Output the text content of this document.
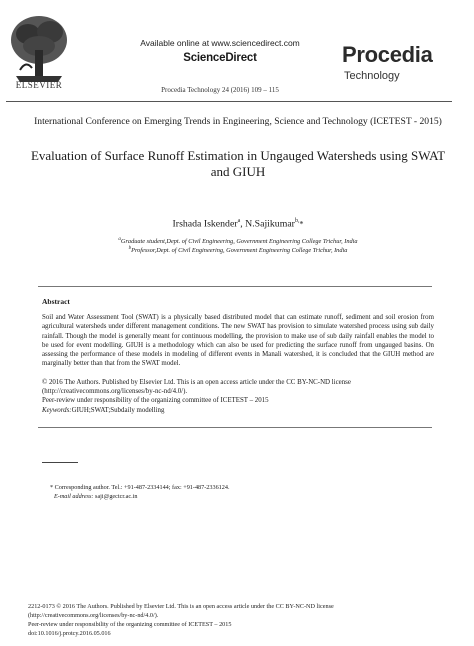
ELSEVIER
Available online at www.sciencedirect.com
ScienceDirect
Procedia Technology 24 (2016) 109 – 115
Procedia
Technology
International Conference on Emerging Trends in Engineering, Science and Technology (ICETEST - 2015)
Evaluation of Surface Runoff Estimation in Ungauged Watersheds using SWAT and GIUH
Irshada Iskender$^a$, N.Sajikumar$^{b,}$*
$^a$Graduate student,Dept. of Civil Engineering, Government Engineering College Trichur, India
$^b$Professor,Dept. of Civil Engineering, Government Engineering College Trichur, India
Abstract
Soil and Water Assessment Tool (SWAT) is a physically based distributed model that can estimate runoff, sediment and soil erosion from agricultural watersheds under different management conditions. The new SWAT has provision to simulate watershed process using sub daily rainfall. Though the model is generally meant for continuous modelling, the provision to make use of sub daily rainfall enables the model to be used for event modelling. GIUH is a methodology which can also be used for predicting the surface runoff from ungauged basins. On assessing the performance of these models in modeling of different events in Manali watershed, it is concluded that the GIUH method are marginally better than that from the SWAT model.
© 2016 The Authors. Published by Elsevier Ltd. This is an open access article under the CC BY-NC-ND license
(http://creativecommons.org/licenses/by-nc-nd/4.0/).
Peer-review under responsibility of the organizing committee of ICETEST – 2015
Keywords:GIUH;SWAT;Subdaily modelling
* Corresponding author. Tel.: +91-487-2334144; fax: +91-487-2336124.
E-mail address: saji@gectcr.ac.in
2212-0173 © 2016 The Authors. Published by Elsevier Ltd. This is an open access article under the CC BY-NC-ND license
(http://creativecommons.org/licenses/by-nc-nd/4.0/).
Peer-review under responsibility of the organizing committee of ICETEST – 2015
doi:10.1016/j.protcy.2016.05.016
